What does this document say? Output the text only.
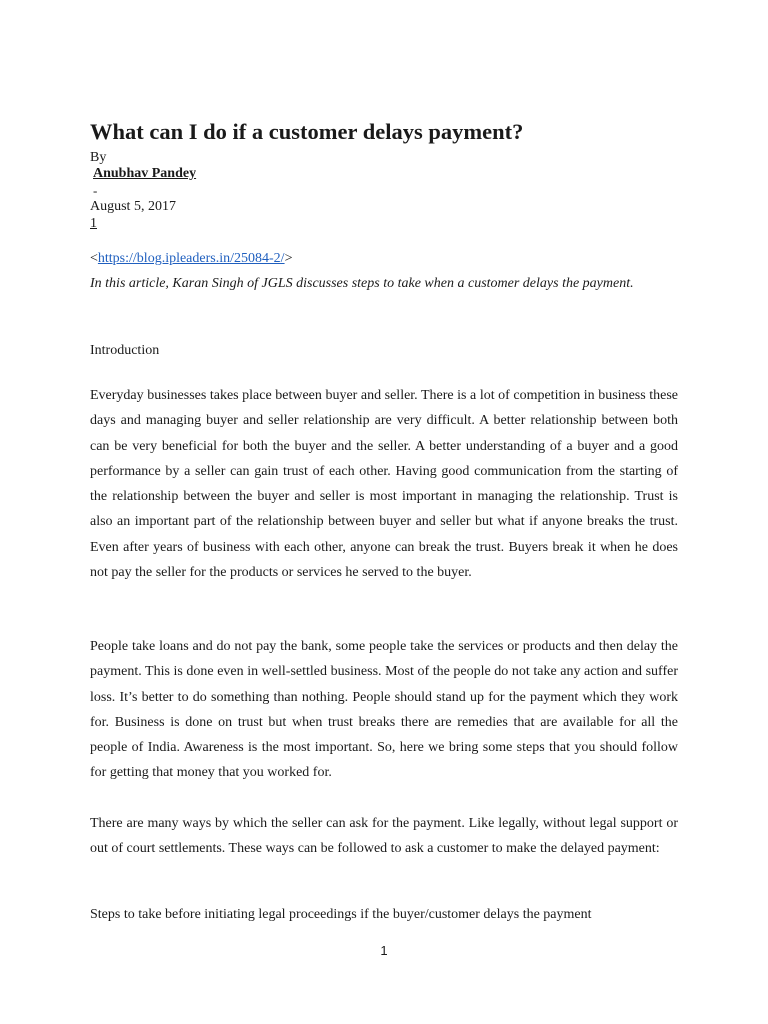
What can I do if a customer delays payment?
By
Anubhav Pandey
-
August 5, 2017
1
<https://blog.ipleaders.in/25084-2/>
In this article, Karan Singh of JGLS discusses steps to take when a customer delays the payment.
Introduction

Everyday businesses takes place between buyer and seller. There is a lot of competition in business these days and managing buyer and seller relationship are very difficult. A better relationship between both can be very beneficial for both the buyer and the seller. A better understanding of a buyer and a good performance by a seller can gain trust of each other. Having good communication from the starting of the relationship between the buyer and seller is most important in managing the relationship. Trust is also an important part of the relationship between buyer and seller but what if anyone breaks the trust. Even after years of business with each other, anyone can break the trust. Buyers break it when he does not pay the seller for the products or services he served to the buyer.

People take loans and do not pay the bank, some people take the services or products and then delay the payment. This is done even in well-settled business. Most of the people do not take any action and suffer loss. It’s better to do something than nothing. People should stand up for the payment which they work for. Business is done on trust but when trust breaks there are remedies that are available for all the people of India. Awareness is the most important. So, here we bring some steps that you should follow for getting that money that you worked for.

There are many ways by which the seller can ask for the payment. Like legally, without legal support or out of court settlements. These ways can be followed to ask a customer to make the delayed payment:

Steps to take before initiating legal proceedings if the buyer/customer delays the payment
1
